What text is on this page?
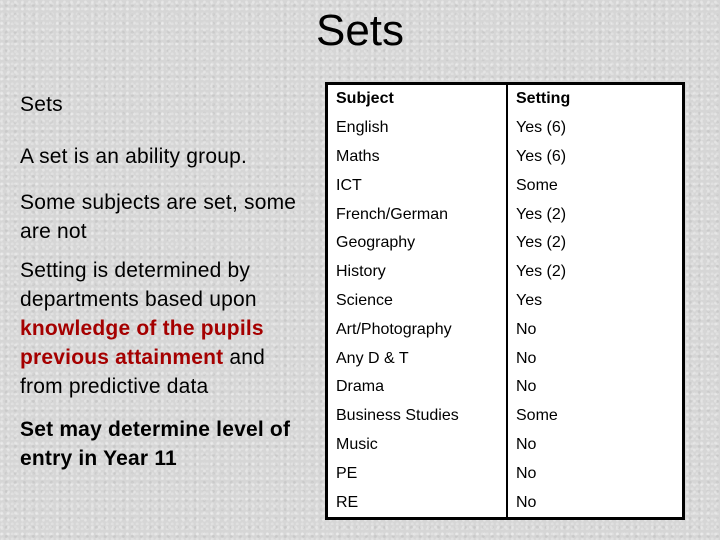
Sets

Sets

A set is an ability group.

Some subjects are set, some are not

Setting is determined by departments based upon knowledge of the pupils previous attainment and from predictive data

Set may determine level of entry in Year 11

Subject	Setting
English	Yes (6)
Maths	Yes (6)
ICT	Some
French/German	Yes (2)
Geography	Yes (2)
History	Yes (2)
Science	Yes
Art/Photography	No
Any D & T	No
Drama	No
Business Studies	Some
Music	No
PE	No
RE	No
